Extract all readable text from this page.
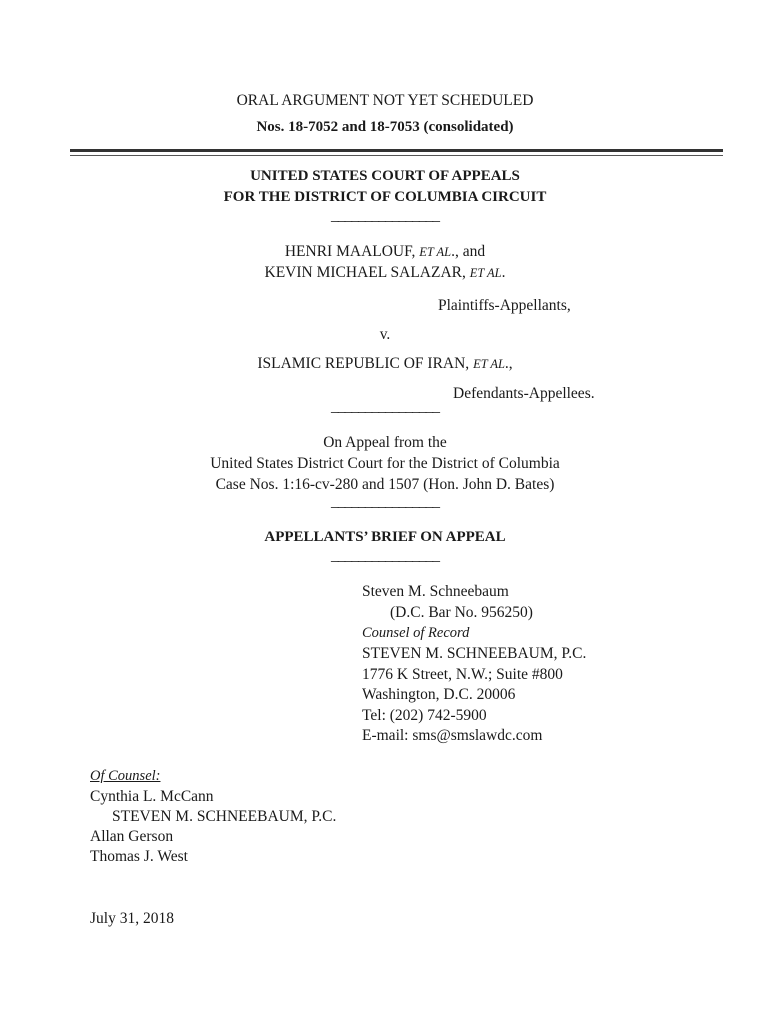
ORAL ARGUMENT NOT YET SCHEDULED
Nos. 18-7052 and 18-7053 (consolidated)
UNITED STATES COURT OF APPEALS
FOR THE DISTRICT OF COLUMBIA CIRCUIT
________________
HENRI MAALOUF, ET AL., and
KEVIN MICHAEL SALAZAR, ET AL.
Plaintiffs-Appellants,
v.
ISLAMIC REPUBLIC OF IRAN, ET AL.,
Defendants-Appellees.
________________
On Appeal from the
United States District Court for the District of Columbia
Case Nos. 1:16-cv-280 and 1507 (Hon. John D. Bates)
________________
APPELLANTS’ BRIEF ON APPEAL
________________
Steven M. Schneebaum
(D.C. Bar No. 956250)
Counsel of Record
STEVEN M. SCHNEEBAUM, P.C.
1776 K Street, N.W.; Suite #800
Washington, D.C. 20006
Tel: (202) 742-5900
E-mail: sms@smslawdc.com
Of Counsel:
Cynthia L. McCann
STEVEN M. SCHNEEBAUM, P.C.
Allan Gerson
Thomas J. West
July 31, 2018
